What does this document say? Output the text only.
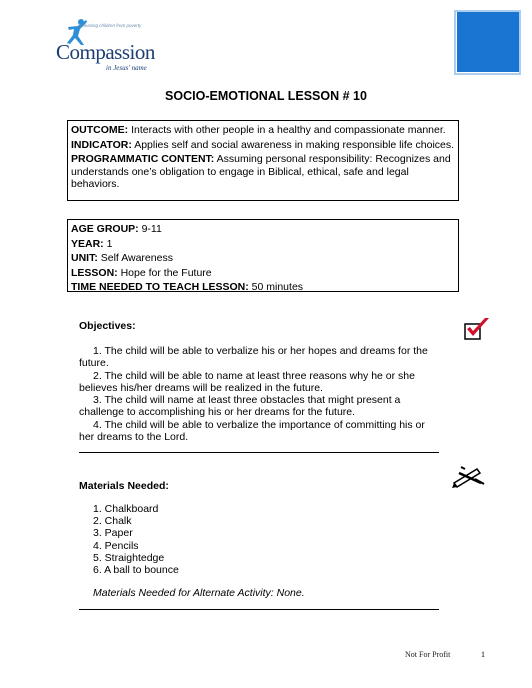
Releasing children from poverty
Compassion
in Jesus' name
SOCIO-EMOTIONAL LESSON # 10

OUTCOME: Interacts with other people in a healthy and compassionate manner.

INDICATOR: Applies self and social awareness in making responsible life choices.

PROGRAMMATIC CONTENT: Assuming personal responsibility: Recognizes and understands one’s obligation to engage in Biblical, ethical, safe and legal behaviors.

AGE GROUP: 9-11

YEAR: 1

UNIT: Self Awareness

LESSON: Hope for the Future

TIME NEEDED TO TEACH LESSON: 50 minutes

Objectives:
1. The child will be able to verbalize his or her hopes and dreams for the
future.
2. The child will be able to name at least three reasons why he or she
believes his/her dreams will be realized in the future.
3. The child will name at least three obstacles that might present a
challenge to accomplishing his or her dreams for the future.
4. The child will be able to verbalize the importance of committing his or
her dreams to the Lord.
Materials Needed:
1. Chalkboard
2. Chalk
3. Paper
4. Pencils
5. Straightedge
6. A ball to bounce
Materials Needed for Alternate Activity: None.
Not For Profit	1
